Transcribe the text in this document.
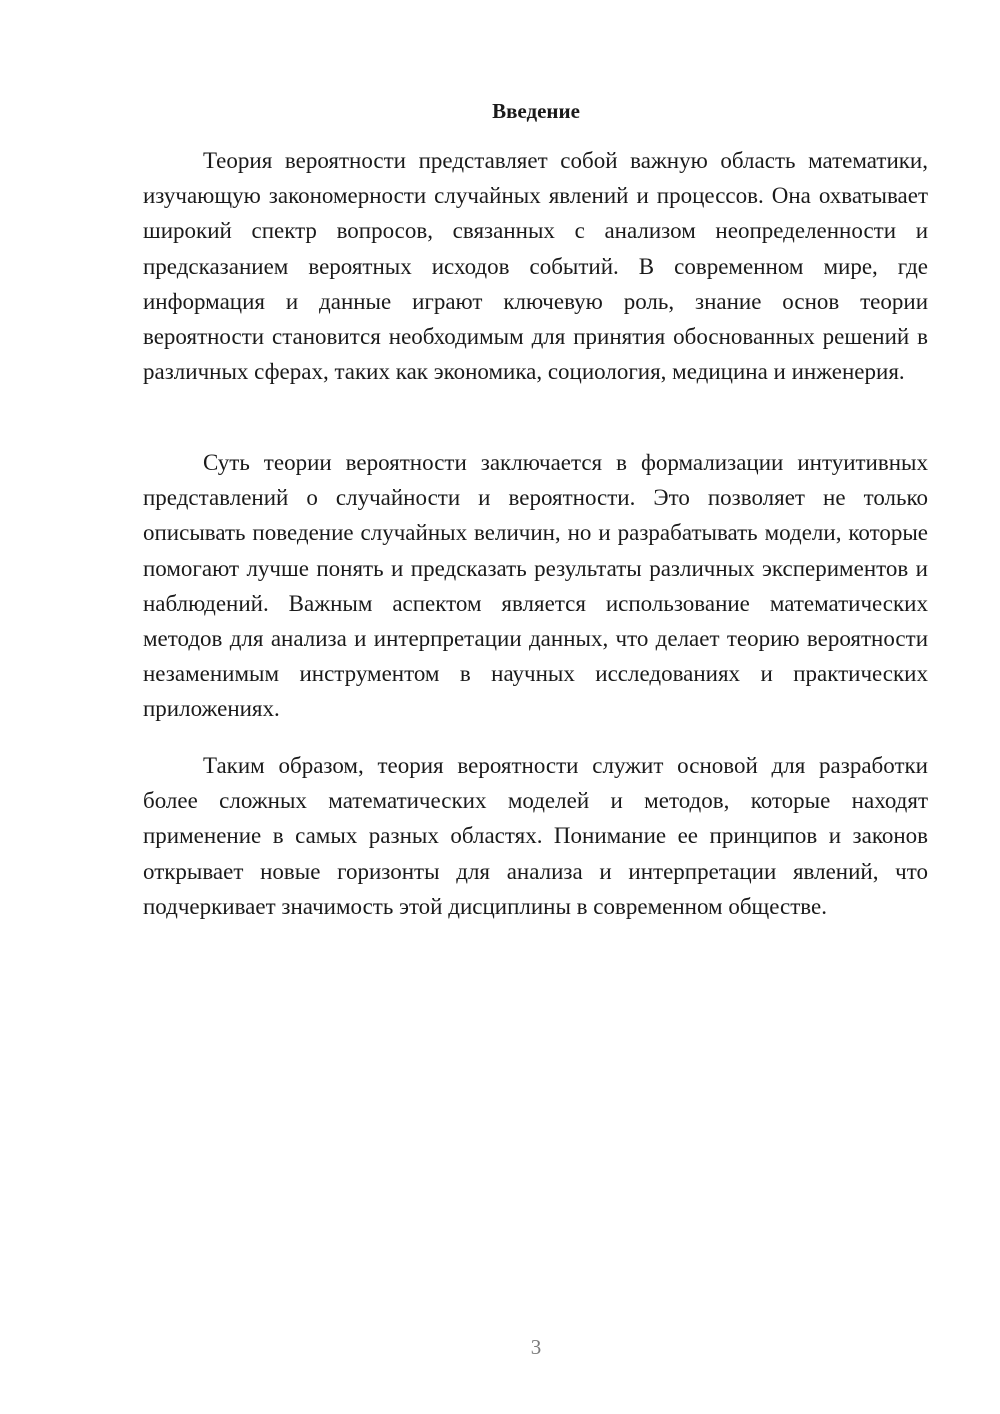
Введение

Теория вероятности представляет собой важную область математики, изучающую закономерности случайных явлений и процессов. Она охватывает широкий спектр вопросов, связанных с анализом неопределенности и предсказанием вероятных исходов событий. В современном мире, где информация и данные играют ключевую роль, знание основ теории вероятности становится необходимым для принятия обоснованных решений в различных сферах, таких как экономика, социология, медицина и инженерия.

Суть теории вероятности заключается в формализации интуитивных представлений о случайности и вероятности. Это позволяет не только описывать поведение случайных величин, но и разрабатывать модели, которые помогают лучше понять и предсказать результаты различных экспериментов и наблюдений. Важным аспектом является использование математических методов для анализа и интерпретации данных, что делает теорию вероятности незаменимым инструментом в научных исследованиях и практических приложениях.

Таким образом, теория вероятности служит основой для разработки более сложных математических моделей и методов, которые находят применение в самых разных областях. Понимание ее принципов и законов открывает новые горизонты для анализа и интерпретации явлений, что подчеркивает значимость этой дисциплины в современном обществе.

3
